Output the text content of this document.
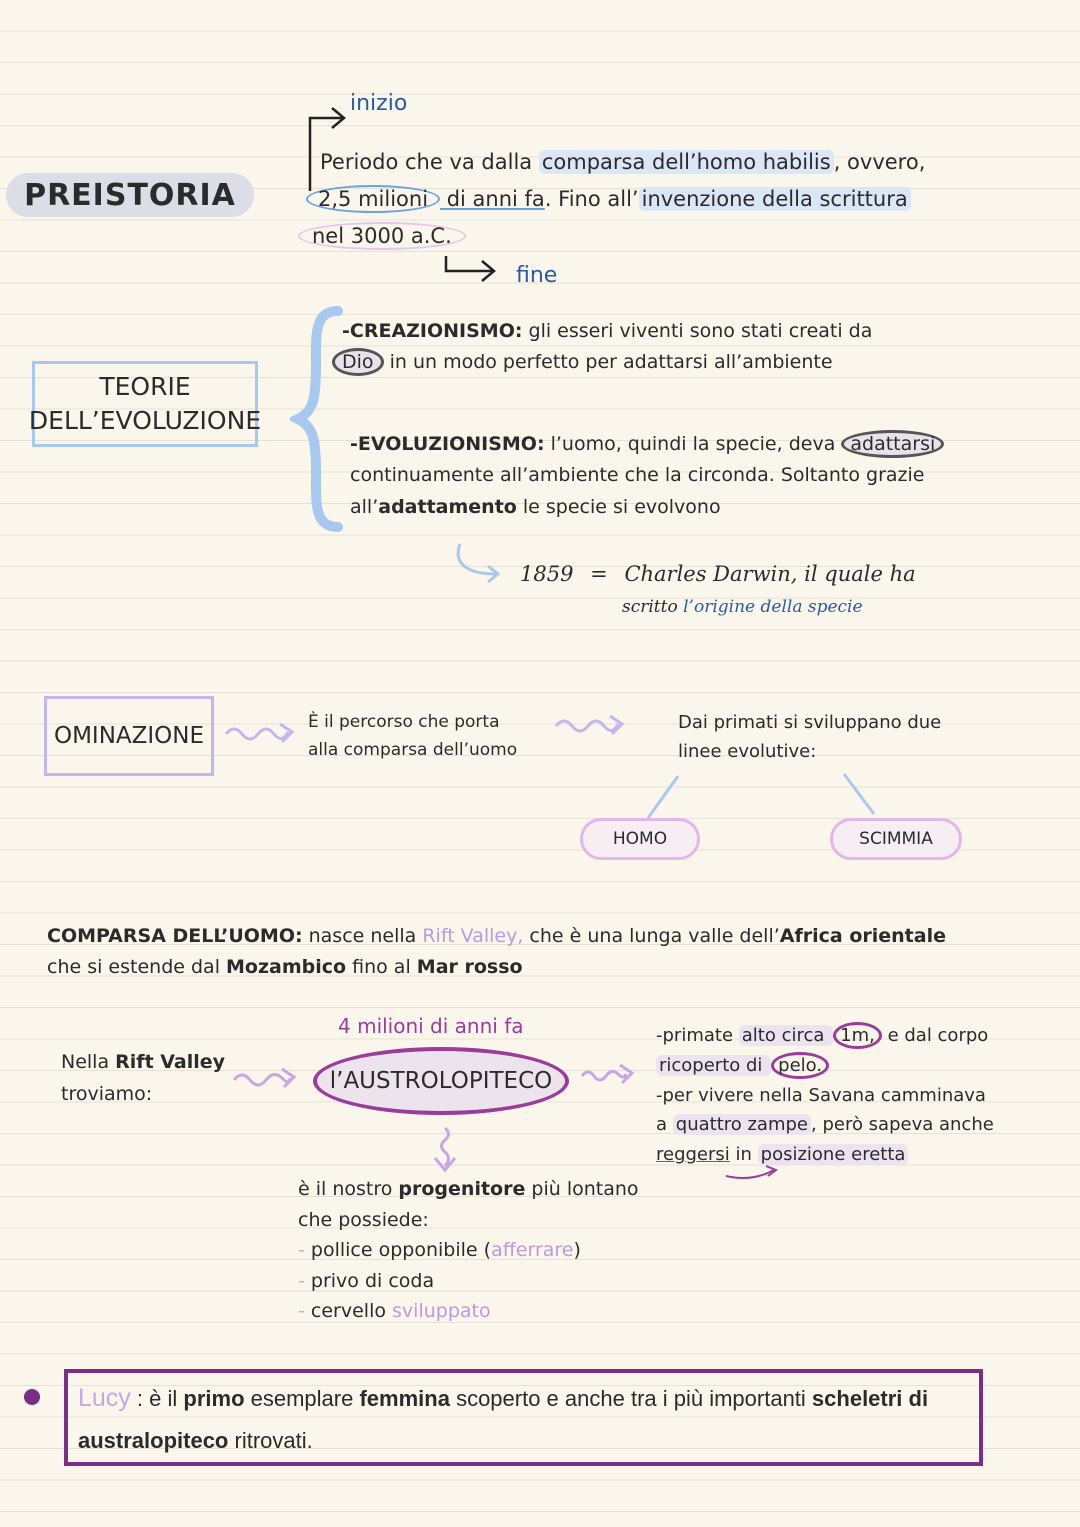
PREISTORIA
inizio
fine
Periodo che va dalla comparsa dell’homo habilis , ovvero,
2,5 milioni di anni fa. Fino all’ invenzione della scrittura
nel 3000 a.C.
TEORIE
DELL’EVOLUZIONE
-CREAZIONISMO: gli esseri viventi sono stati creati da
Dio in un modo perfetto per adattarsi all’ambiente
-EVOLUZIONISMO: l’uomo, quindi la specie, deva adattarsi
continuamente all’ambiente che la circonda. Soltanto grazie
all’adattamento le specie si evolvono
1859 = Charles Darwin, il quale ha
scritto l’origine della specie
OMINAZIONE
È il percorso che porta
alla comparsa dell’uomo
Dai primati si sviluppano due
linee evolutive:
HOMO	SCIMMIA
COMPARSA DELL’UOMO: nasce nella Rift Valley, che è una lunga valle dell’Africa orientale
che si estende dal Mozambico fino al Mar rosso
Nella Rift Valley
troviamo:
4 milioni di anni fa
l’AUSTROLOPITECO
è il nostro progenitore più lontano
che possiede:
- pollice opponibile (afferrare)
- privo di coda
- cervello sviluppato
-primate alto circa 1m, e dal corpo
ricoperto di pelo.
-per vivere nella Savana camminava
a quattro zampe , però sapeva anche
reggersi in posizione eretta
Lucy : è il primo esemplare femmina scoperto e anche tra i più importanti scheletri di
australopiteco ritrovati.
